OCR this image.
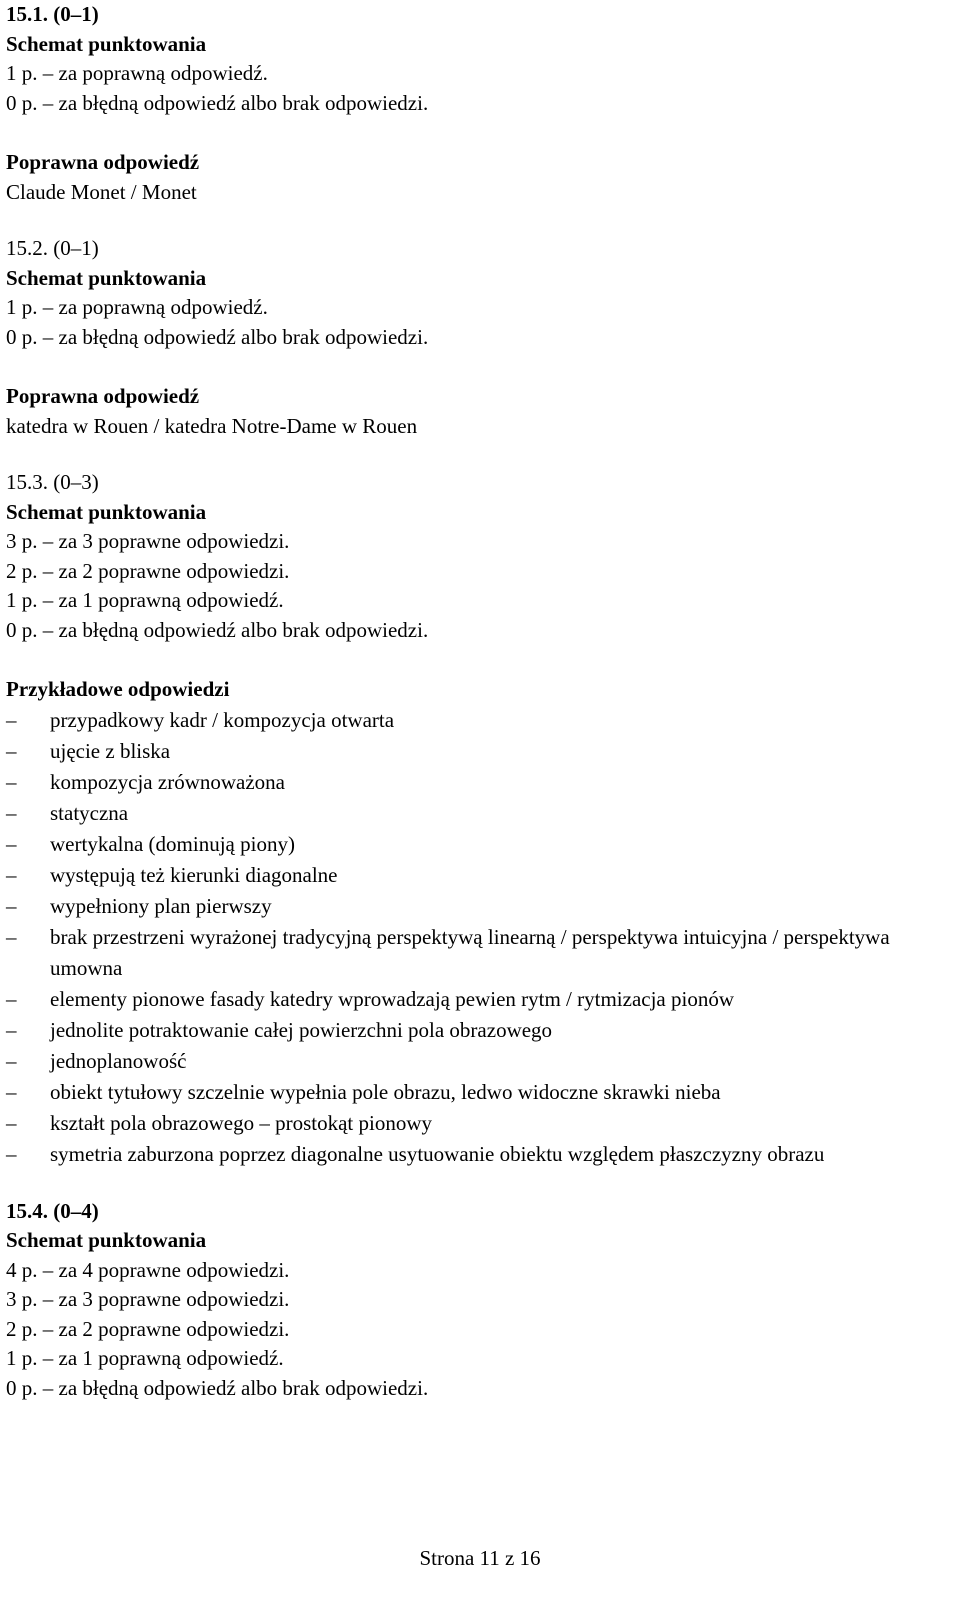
15.1. (0–1)
Schemat punktowania
1 p. – za poprawną odpowiedź.
0 p. – za błędną odpowiedź albo brak odpowiedzi.
Poprawna odpowiedź
Claude Monet / Monet
15.2. (0–1)
Schemat punktowania
1 p. – za poprawną odpowiedź.
0 p. – za błędną odpowiedź albo brak odpowiedzi.
Poprawna odpowiedź
katedra w Rouen / katedra Notre-Dame w Rouen
15.3. (0–3)
Schemat punktowania
3 p. – za 3 poprawne odpowiedzi.
2 p. – za 2 poprawne odpowiedzi.
1 p. – za 1 poprawną odpowiedź.
0 p. – za błędną odpowiedź albo brak odpowiedzi.
Przykładowe odpowiedzi
–	przypadkowy kadr / kompozycja otwarta
–	ujęcie z bliska
–	kompozycja zrównoważona
–	statyczna
–	wertykalna (dominują piony)
–	występują też kierunki diagonalne
–	wypełniony plan pierwszy
–	brak przestrzeni wyrażonej tradycyjną perspektywą linearną / perspektywa intuicyjna / perspektywa umowna
–	elementy pionowe fasady katedry wprowadzają pewien rytm / rytmizacja pionów
–	jednolite potraktowanie całej powierzchni pola obrazowego
–	jednoplanowość
–	obiekt tytułowy szczelnie wypełnia pole obrazu, ledwo widoczne skrawki nieba
–	kształt pola obrazowego – prostokąt pionowy
–	symetria zaburzona poprzez diagonalne usytuowanie obiektu względem płaszczyzny obrazu
15.4. (0–4)
Schemat punktowania
4 p. – za 4 poprawne odpowiedzi.
3 p. – za 3 poprawne odpowiedzi.
2 p. – za 2 poprawne odpowiedzi.
1 p. – za 1 poprawną odpowiedź.
0 p. – za błędną odpowiedź albo brak odpowiedzi.
Strona 11 z 16
